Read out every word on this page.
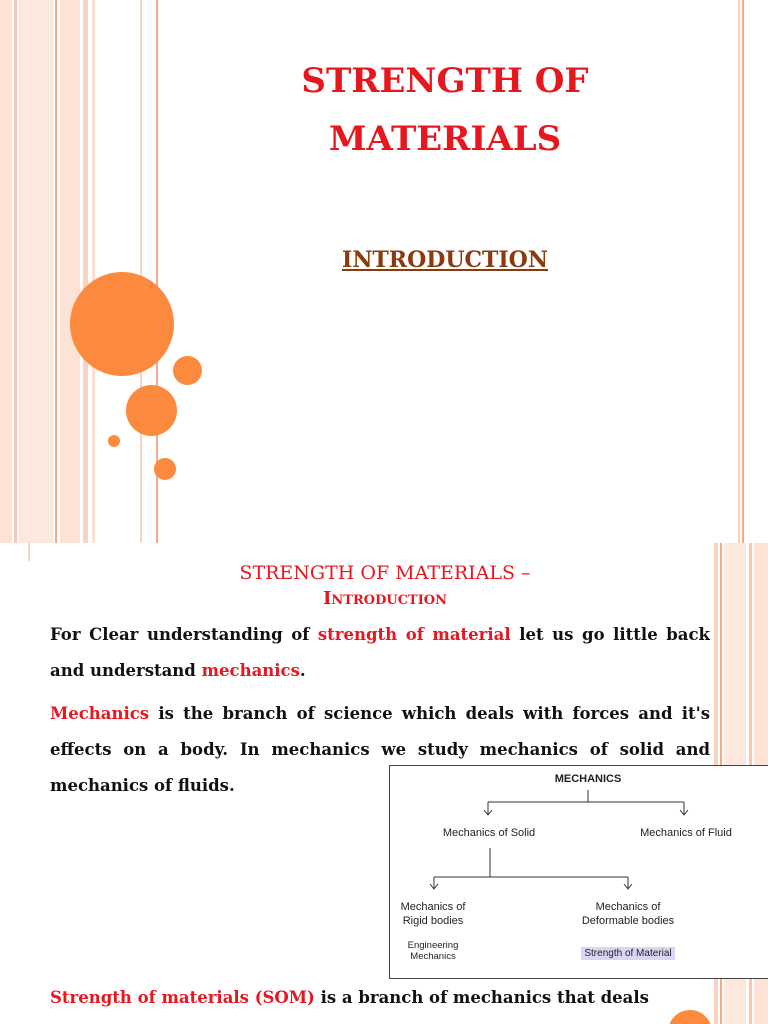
STRENGTH OF
MATERIALS
INTRODUCTION
STRENGTH OF MATERIALS –
Introduction
For Clear understanding of strength of material let us go little back and understand mechanics.
Mechanics is the branch of science which deals with forces and it's effects on a body. In mechanics we study mechanics of solid and mechanics of fluids.
Strength of materials (SOM) is a branch of mechanics that deals
MECHANICS
Mechanics of Solid	Mechanics of Fluid
Mechanics of
Rigid bodies
Mechanics of
Deformable bodies
Engineering
Mechanics	Strength of Material
